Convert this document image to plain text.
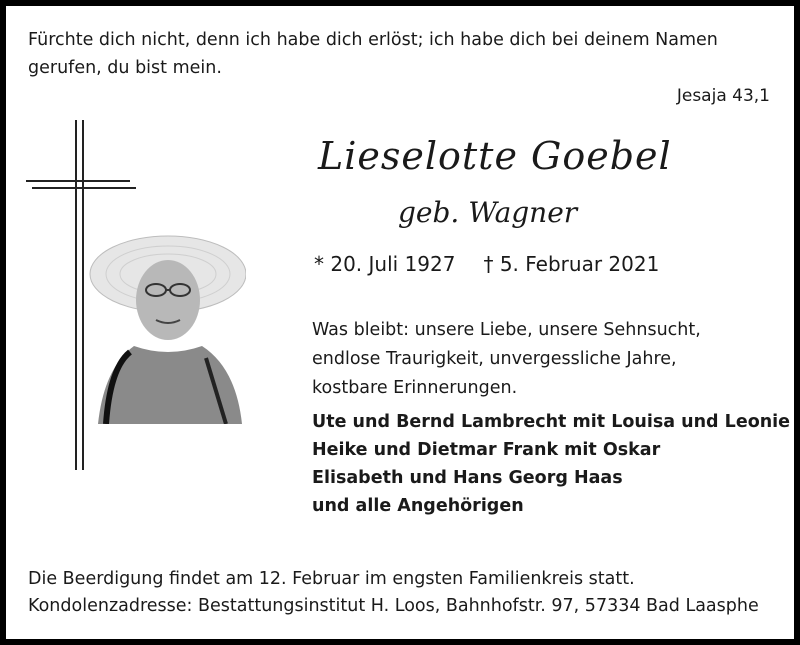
Fürchte dich nicht, denn ich habe dich erlöst; ich habe dich bei deinem Namen gerufen, du bist mein.
Jesaja 43,1
Lieselotte Goebel
geb. Wagner
* 20. Juli 1927 † 5. Februar 2021
Was bleibt: unsere Liebe, unsere Sehnsucht,
endlose Traurigkeit, unvergessliche Jahre,
kostbare Erinnerungen.
Ute und Bernd Lambrecht mit Louisa und Leonie
Heike und Dietmar Frank mit Oskar
Elisabeth und Hans Georg Haas
und alle Angehörigen
Die Beerdigung findet am 12. Februar im engsten Familienkreis statt.
Kondolenzadresse: Bestattungsinstitut H. Loos, Bahnhofstr. 97, 57334 Bad Laasphe
